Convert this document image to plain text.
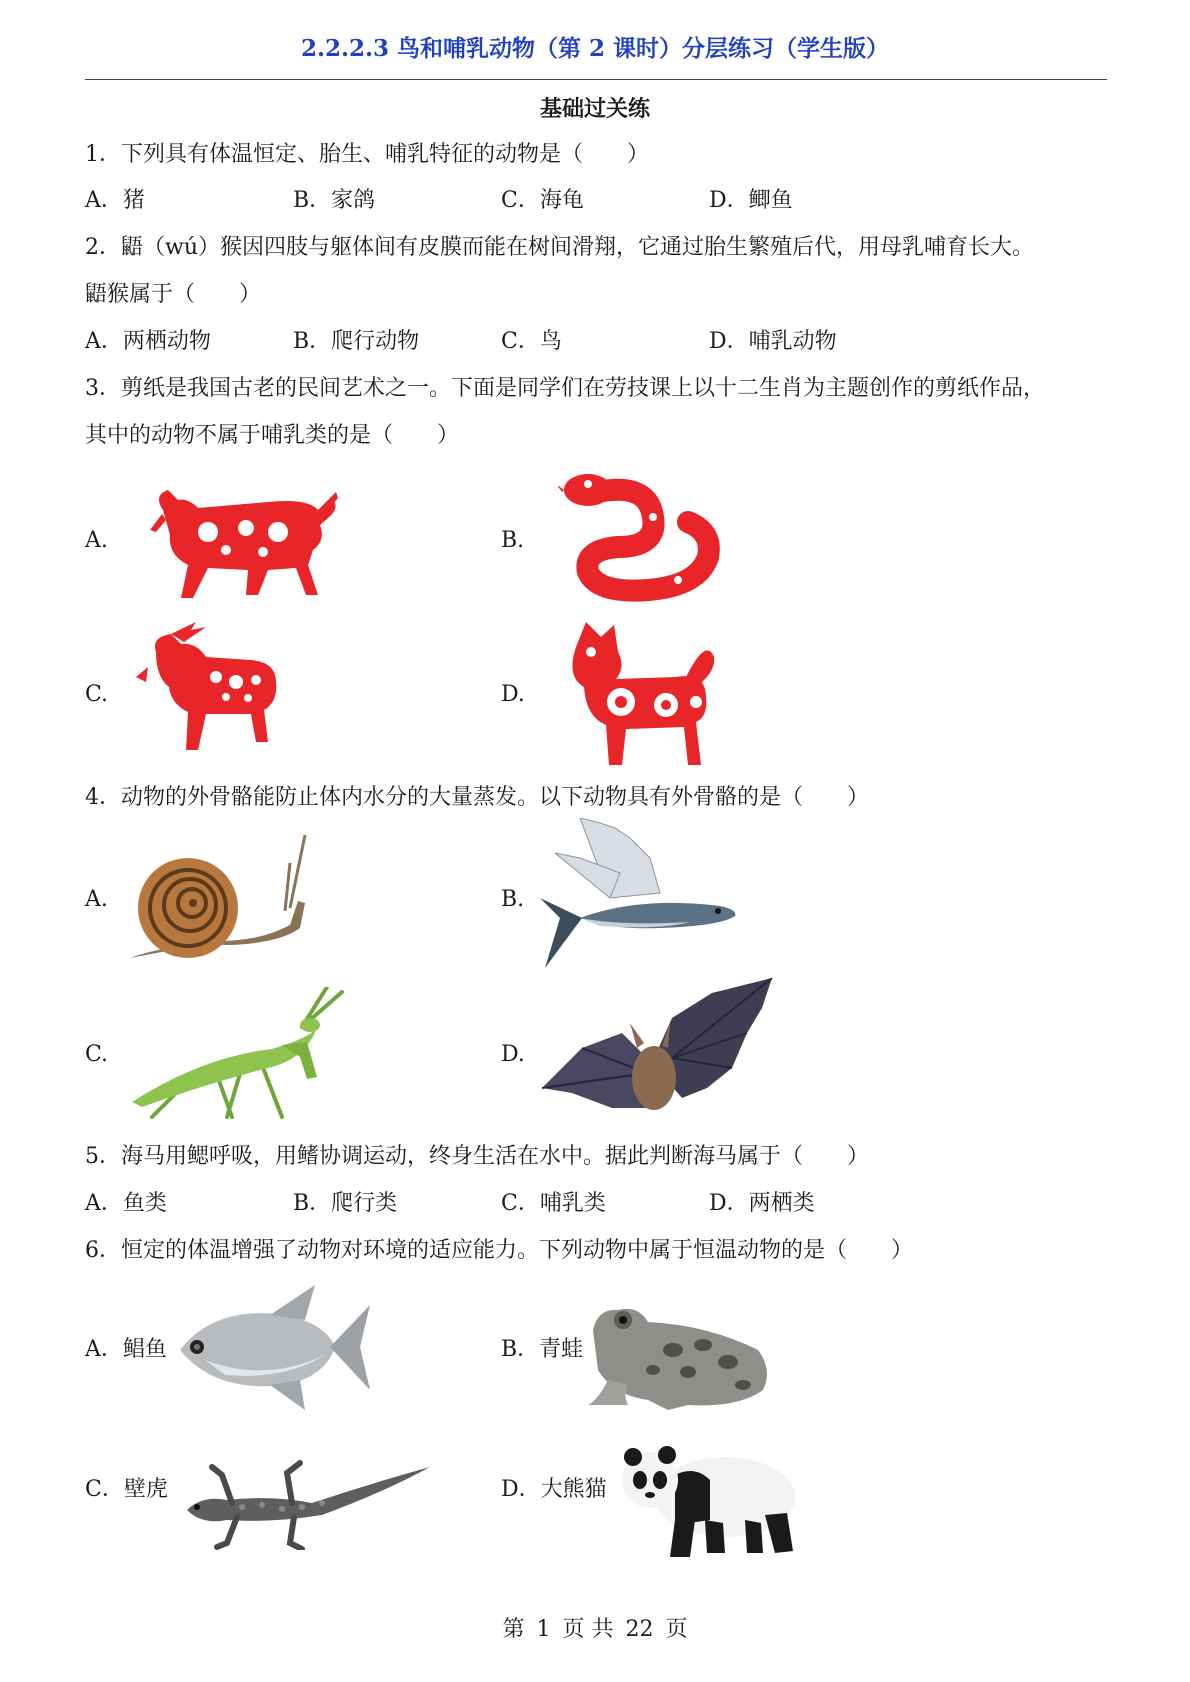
2.2.2.3 鸟和哺乳动物（第 2 课时）分层练习（学生版）
基础过关练
1．下列具有体温恒定、胎生、哺乳特征的动物是（　　）
A．猪	B．家鸽	C．海龟	D．鲫鱼
2．鼯（wú）猴因四肢与躯体间有皮膜而能在树间滑翔，它通过胎生繁殖后代，用母乳哺育长大。
鼯猴属于（　　）
A．两栖动物	B．爬行动物	C．鸟	D．哺乳动物
3．剪纸是我国古老的民间艺术之一。下面是同学们在劳技课上以十二生肖为主题创作的剪纸作品，
其中的动物不属于哺乳类的是（　　）
A.	B.
C.	D.
4．动物的外骨骼能防止体内水分的大量蒸发。以下动物具有外骨骼的是（　　）
A.	B.
C.	D.
5．海马用鳃呼吸，用鳍协调运动，终身生活在水中。据此判断海马属于（　　）
A．鱼类	B．爬行类	C．哺乳类	D．两栖类
6．恒定的体温增强了动物对环境的适应能力。下列动物中属于恒温动物的是（　　）
A．鲳鱼	B．青蛙
C．壁虎	D．大熊猫
第 1 页 共 22 页
